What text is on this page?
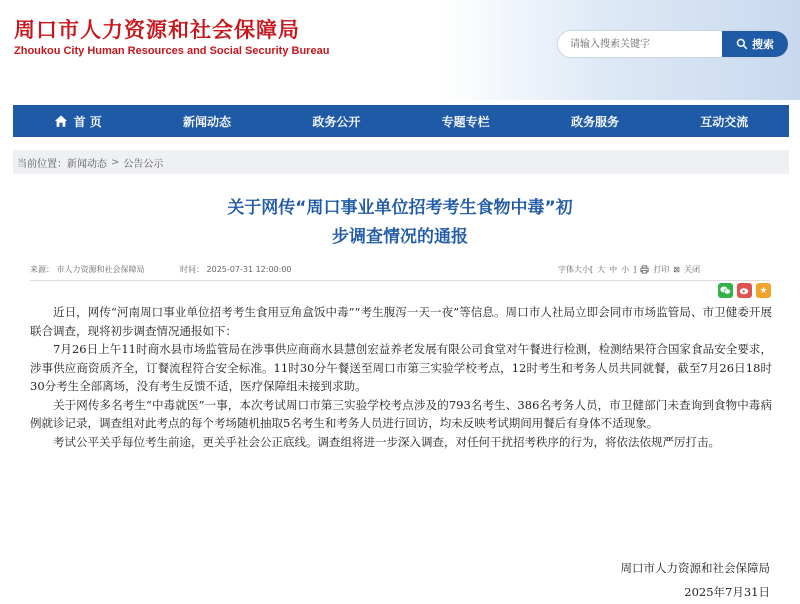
周口市人力资源和社会保障局
Zhoukou City Human Resources and Social Security Bureau
请输入搜索关键字	搜索
首 页	新闻动态	政务公开	专题专栏	政务服务	互动交流
当前位置： 新闻动态 > 公告公示
关于网传“周口事业单位招考考生食物中毒”初
步调查情况的通报
来源： 市人力资源和社会保障局	时间： 2025-07-31 12:00:00	字体大小[ 大 中 小 ] 打印 ⊠ 关闭
★

近日，网传“河南周口事业单位招考考生食用豆角盒饭中毒”“考生腹泻一天一夜”等信息。周口市人社局立即会同市市场监管局、市卫健委开展联合调查，现将初步调查情况通报如下：

7月26日上午11时商水县市场监管局在涉事供应商商水县慧创宏益养老发展有限公司食堂对午餐进行检测，检测结果符合国家食品安全要求，涉事供应商资质齐全，订餐流程符合安全标准。11时30分午餐送至周口市第三实验学校考点，12时考生和考务人员共同就餐，截至7月26日18时30分考生全部离场，没有考生反馈不适，医疗保障组未接到求助。

关于网传多名考生“中毒就医”一事，本次考试周口市第三实验学校考点涉及的793名考生、386名考务人员，市卫健部门未查询到食物中毒病例就诊记录，调查组对此考点的每个考场随机抽取5名考生和考务人员进行回访，均未反映考试期间用餐后有身体不适现象。

考试公平关乎每位考生前途，更关乎社会公正底线。调查组将进一步深入调查，对任何干扰招考秩序的行为，将依法依规严厉打击。

周口市人力资源和社会保障局
2025年7月31日
